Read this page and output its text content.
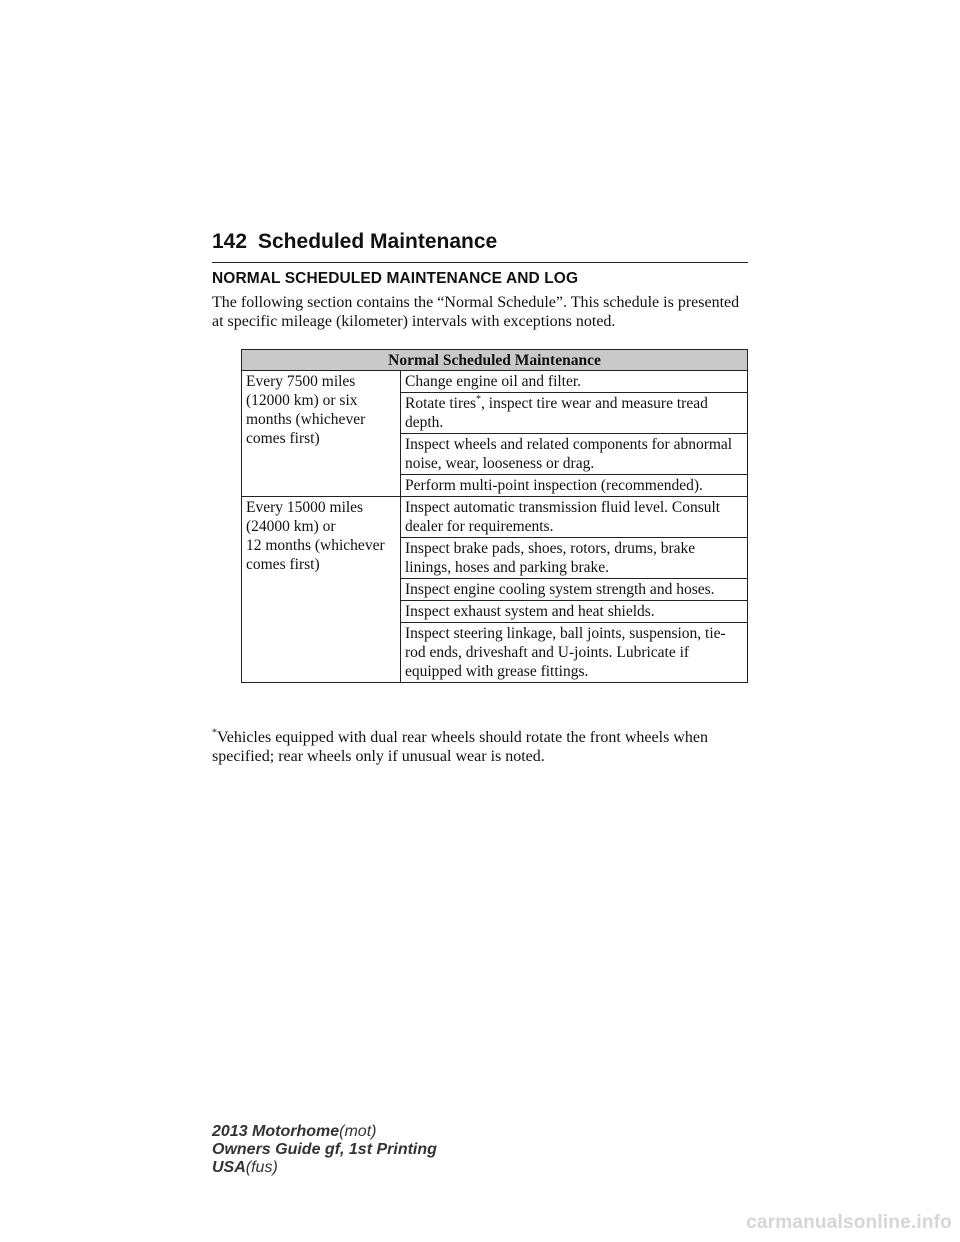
142 Scheduled Maintenance
NORMAL SCHEDULED MAINTENANCE AND LOG

The following section contains the “Normal Schedule”. This schedule is presented at specific mileage (kilometer) intervals with exceptions noted.

Normal Scheduled Maintenance	

Every 7500 miles
(12000 km) or six
months (whichever
comes first)	Change engine oil and filter.
	Rotate tires*, inspect tire wear and measure tread depth.
	Inspect wheels and related components for abnormal noise, wear, looseness or drag.
	Perform multi-point inspection (recommended).

Every 15000 miles
(24000 km) or
12 months (whichever
comes first)	Inspect automatic transmission fluid level. Consult dealer for requirements.
	Inspect brake pads, shoes, rotors, drums, brake linings, hoses and parking brake.
	Inspect engine cooling system strength and hoses.
	Inspect exhaust system and heat shields.
	Inspect steering linkage, ball joints, suspension, tie-rod ends, driveshaft and U-joints. Lubricate if equipped with grease fittings.

*Vehicles equipped with dual rear wheels should rotate the front wheels when specified; rear wheels only if unusual wear is noted.

2013 Motorhome(mot)
Owners Guide gf, 1st Printing
USA(fus)
carmanualsonline.info
